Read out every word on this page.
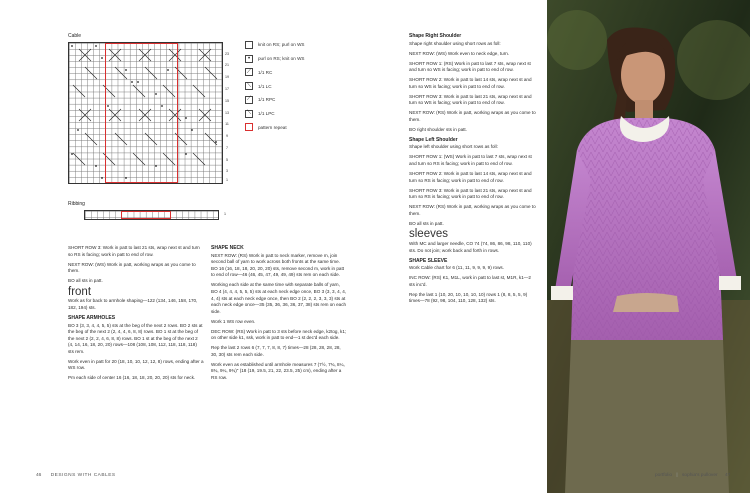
Cable
23
21
19
17
15
13
11
9
7
5
3
1
knit on RS; purl on WS
•	purl on RS; knit on WS
⟋	1/1 RC
⟍	1/1 LC
⟋	1/1 RPC
⟍	1/1 LPC
pattern repeat
Ribbing
1
SHORT ROW 3: Work in patt to last 21 sts, wrap next st and turn so RS is facing; work in patt to end of row.
NEXT ROW: (WS) Work in patt, working wraps as you come to them.
BO all sts in patt.
front
Work as for back to armhole shaping—122 (134, 146, 158, 170, 182, 194) sts.
SHAPE ARMHOLES
BO 3 (3, 3, 4, 4, 5, 5) sts at the beg of the next 2 rows. BO 2 sts at the beg of the next 2 (2, 4, 4, 6, 8, 8) rows. BO 1 st at the beg of the next 2 (2, 2, 4, 6, 8, 8) rows. BO 1 st at the beg of the next 2 (4, 14, 16, 18, 20, 20) rows—108 (108, 108, 112, 118, 118, 118) sts rem.
Work even in patt for 20 (18, 10, 10, 12, 12, 8) rows, ending after a WS row.
Pm each side of center 16 (16, 18, 18, 20, 20, 20) sts for neck.
SHAPE NECK
NEXT ROW: (RS) Work in patt to neck marker, remove m, join second ball of yarn to work across both fronts at the same time. BO 16 (16, 18, 18, 20, 20, 20) sts, remove second m, work in patt to end of row—46 (46, 45, 47, 49, 49, 49) sts rem on each side.
Working each side at the same time with separate balls of yarn, BO 4 (4, 4, 4, 5, 5, 5) sts at each neck edge once, BO 3 (3, 3, 4, 4, 4, 4) sts at each neck edge once, then BO 2 (2, 2, 2, 3, 3, 3) sts at each neck edge once—35 (35, 36, 36, 36, 37, 38) sts rem on each side.
Work 1 WS row even.
DEC ROW: (RS) Work in patt to 3 sts before neck edge, k2tog, k1; on other side k1, ssk, work in patt to end—1 st dec'd each side.
Rep the last 2 rows 6 (7, 7, 7, 8, 8, 7) times—28 (28, 28, 28, 28, 30, 30) sts rem each side.
Work even as established until armhole measures 7 (7½, 7¾, 8¼, 8¾, 9¼, 9¾)" (18 (19, 19.5, 21, 22, 23.5, 25) cm), ending after a RS row.
Shape Right Shoulder
Shape right shoulder using short rows as foll:
NEXT ROW: (WS) Work even to neck edge, turn.
SHORT ROW 1: (RS) Work in patt to last 7 sts, wrap next st and turn so WS is facing; work in patt to end of row.
SHORT ROW 2: Work in patt to last 14 sts, wrap next st and turn so WS is facing; work in patt to end of row.
SHORT ROW 3: Work in patt to last 21 sts, wrap next st and turn so WS is facing; work in patt to end of row.
NEXT ROW: (RS) Work in patt, working wraps as you come to them.
BO right shoulder sts in patt.
Shape Left Shoulder
Shape left shoulder using short rows as foll:
SHORT ROW 1: (WS) Work in patt to last 7 sts, wrap next st and turn so RS is facing; work in patt to end of row.
SHORT ROW 2: Work in patt to last 14 sts, wrap next st and turn so RS is facing; work in patt to end of row.
SHORT ROW 3: Work in patt to last 21 sts, wrap next st and turn so RS is facing; work in patt to end of row.
NEXT ROW: (RS) Work in patt, working wraps as you come to them.
BO all sts in patt.
sleeves
With MC and larger needle, CO 74 (74, 86, 86, 98, 110, 110) sts. Do not join; work back and forth in rows.
SHAPE SLEEVE
Work Cable chart for 6 (11, 11, 9, 9, 9, 9) rows.
INC ROW: (RS) K1, M1L, work in patt to last st, M1R, k1—2 sts inc'd.
Rep the last 1 (10, 20, 10, 10, 10, 10) rows 1 (8, 8, 5, 5, 9) times—78 (92, 98, 104, 110, 128, 132) sts.
46 DESIGNS WITH CABLES	portfolio | sophia's pullover 47
